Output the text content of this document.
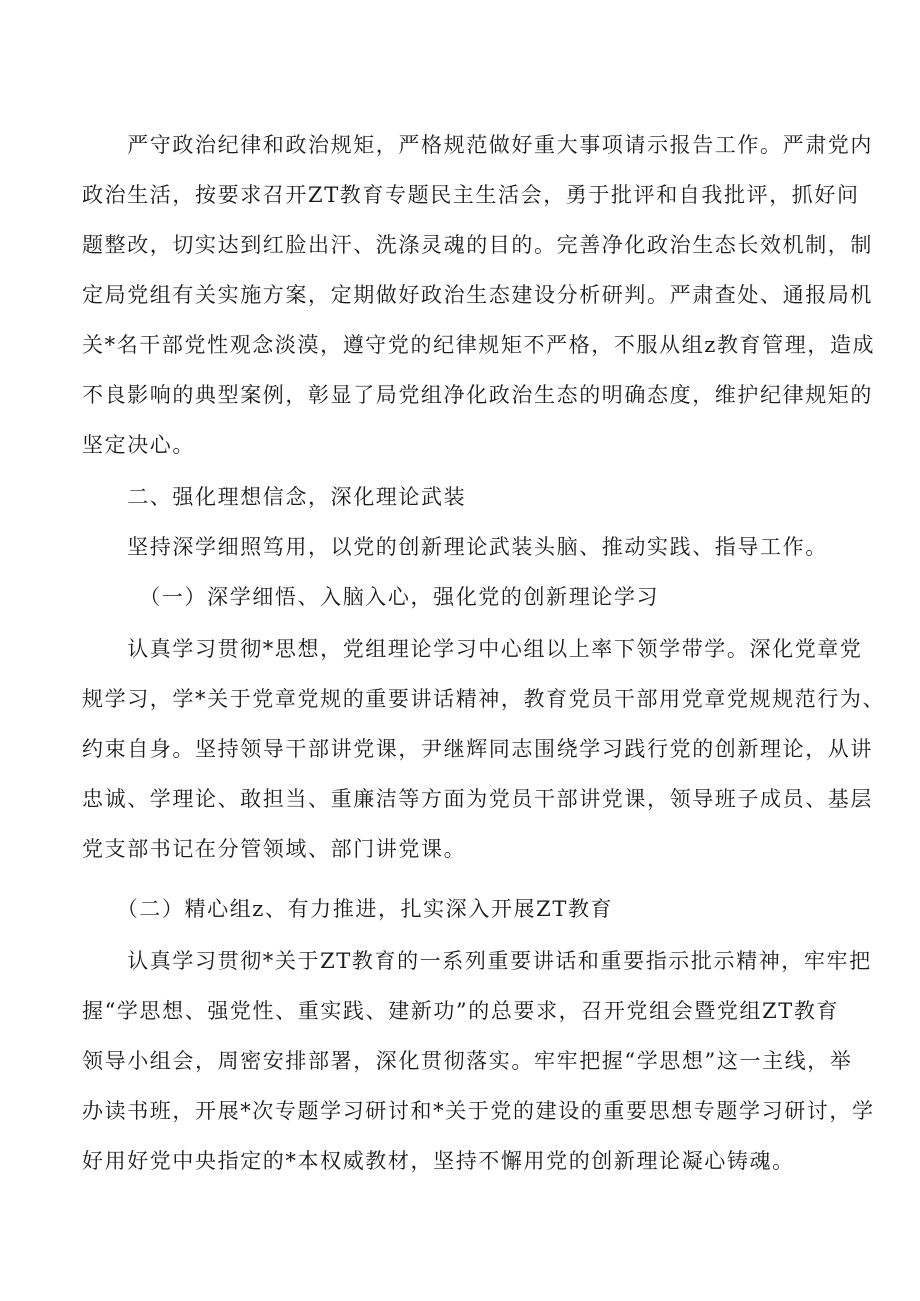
　　严守政治纪律和政治规矩，严格规范做好重大事项请示报告工作。严肃党内
政治生活，按要求召开ZT教育专题民主生活会，勇于批评和自我批评，抓好问
题整改，切实达到红脸出汗、洗涤灵魂的目的。完善净化政治生态长效机制，制
定局党组有关实施方案，定期做好政治生态建设分析研判。严肃查处、通报局机
关*名干部党性观念淡漠，遵守党的纪律规矩不严格，不服从组z教育管理，造成
不良影响的典型案例，彰显了局党组净化政治生态的明确态度，维护纪律规矩的
坚定决心。
　　二、强化理想信念，深化理论武装
　　坚持深学细照笃用，以党的创新理论武装头脑、推动实践、指导工作。
　　　（一）深学细悟、入脑入心，强化党的创新理论学习
　　认真学习贯彻*思想，党组理论学习中心组以上率下领学带学。深化党章党
规学习，学*关于党章党规的重要讲话精神，教育党员干部用党章党规规范行为、
约束自身。坚持领导干部讲党课，尹继辉同志围绕学习践行党的创新理论，从讲
忠诚、学理论、敢担当、重廉洁等方面为党员干部讲党课，领导班子成员、基层
党支部书记在分管领域、部门讲党课。
　　（二）精心组z、有力推进，扎实深入开展ZT教育
　　认真学习贯彻*关于ZT教育的一系列重要讲话和重要指示批示精神，牢牢把
握“学思想、强党性、重实践、建新功”的总要求，召开党组会暨党组ZT教育
领导小组会，周密安排部署，深化贯彻落实。牢牢把握“学思想”这一主线，举
办读书班，开展*次专题学习研讨和*关于党的建设的重要思想专题学习研讨，学
好用好党中央指定的*本权威教材，坚持不懈用党的创新理论凝心铸魂。
